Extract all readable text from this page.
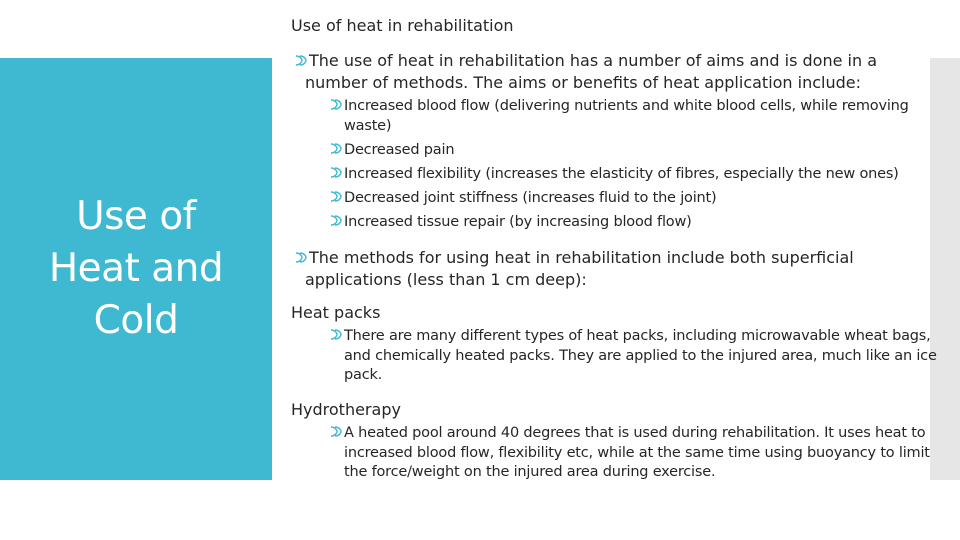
Use of Heat and Cold
Use of heat in rehabilitation
The use of heat in rehabilitation has a number of aims and is done in a number of methods. The aims or benefits of heat application include:
Increased blood flow (delivering nutrients and white blood cells, while removing waste)
Decreased pain
Increased flexibility (increases the elasticity of fibres, especially the new ones)
Decreased joint stiffness (increases fluid to the joint)
Increased tissue repair (by increasing blood flow)
The methods for using heat in rehabilitation include both superficial applications (less than 1 cm deep):
Heat packs
There are many different types of heat packs, including microwavable wheat bags, and chemically heated packs. They are applied to the injured area, much like an ice pack.
Hydrotherapy
A heated pool around 40 degrees that is used during rehabilitation. It uses heat to increased blood flow, flexibility etc, while at the same time using buoyancy to limit the force/weight on the injured area during exercise.
